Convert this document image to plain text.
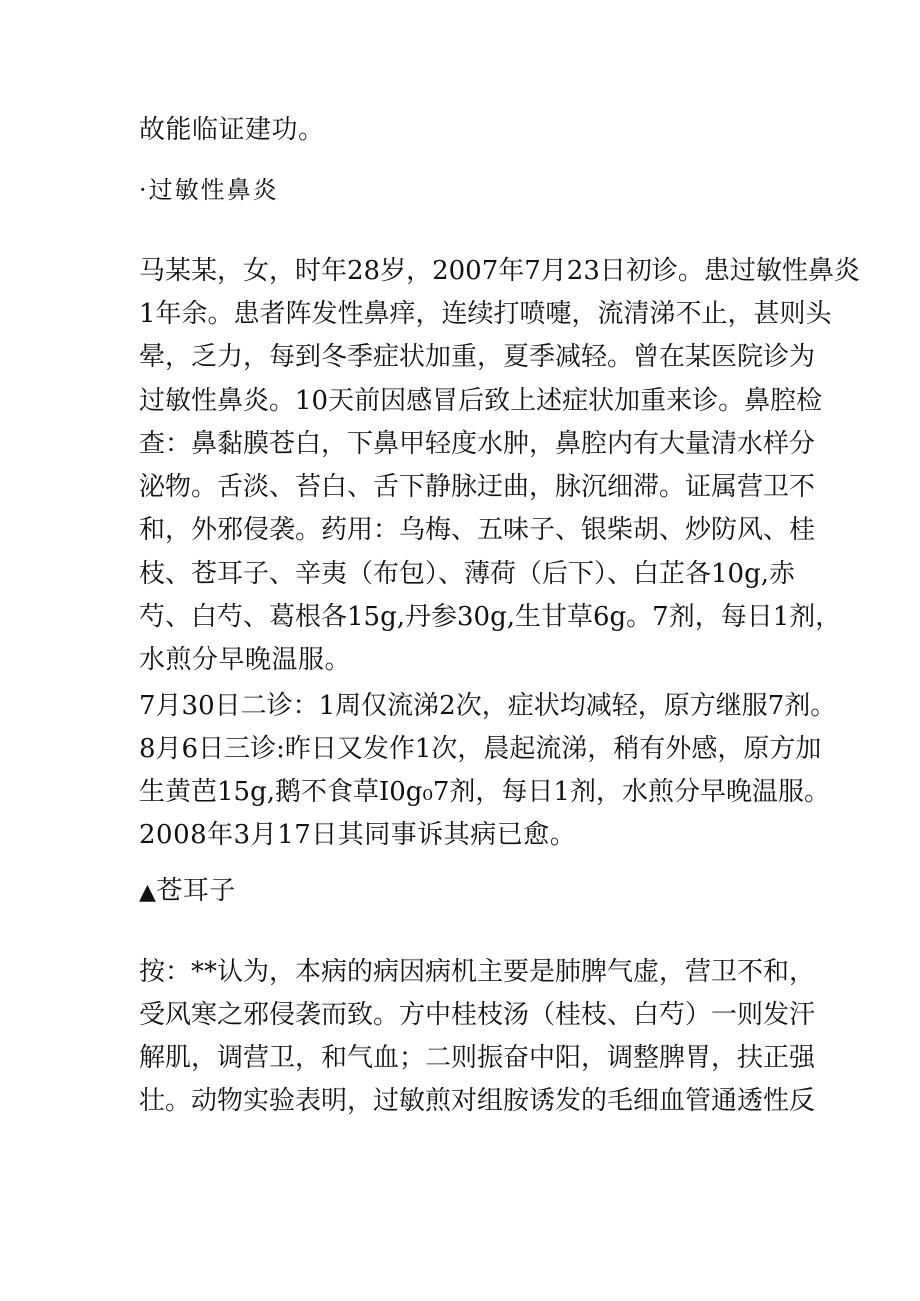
故能临证建功。
·过敏性鼻炎
马某某，女，时年28岁，2007年7月23日初诊。患过敏性鼻炎
1年余。患者阵发性鼻痒，连续打喷嚏，流清涕不止，甚则头
晕，乏力，每到冬季症状加重，夏季减轻。曾在某医院诊为
过敏性鼻炎。10天前因感冒后致上述症状加重来诊。鼻腔检
查：鼻黏膜苍白，下鼻甲轻度水肿，鼻腔内有大量清水样分
泌物。舌淡、苔白、舌下静脉迂曲，脉沉细滞。证属营卫不
和，外邪侵袭。药用：乌梅、五味子、银柴胡、炒防风、桂
枝、苍耳子、辛夷（布包）、薄荷（后下）、白芷各10g,赤
芍、白芍、葛根各15g,丹参30g,生甘草6g。7剂，每日1剂，
水煎分早晚温服。
7月30日二诊：1周仅流涕2次，症状均减轻，原方继服7剂。
8月6日三诊:昨日又发作1次，晨起流涕，稍有外感，原方加
生黄芭15g,鹅不食草I0g₀7剂，每日1剂，水煎分早晚温服。
2008年3月17日其同事诉其病已愈。
▲苍耳子
按：**认为，本病的病因病机主要是肺脾气虚，营卫不和，
受风寒之邪侵袭而致。方中桂枝汤（桂枝、白芍）一则发汗
解肌，调营卫，和气血；二则振奋中阳，调整脾胃，扶正强
壮。动物实验表明，过敏煎对组胺诱发的毛细血管通透性反
